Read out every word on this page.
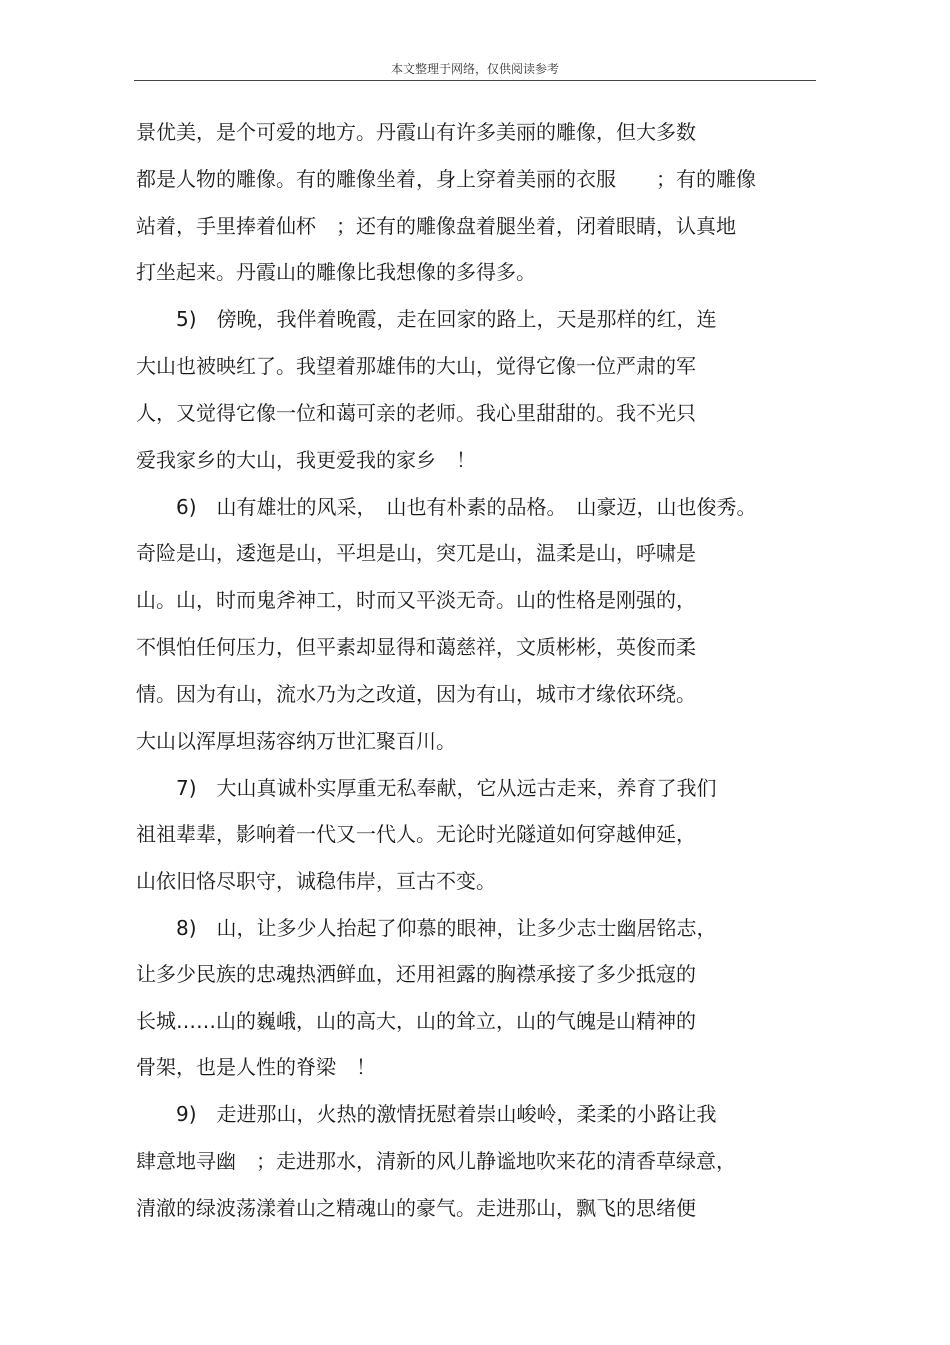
本文整理于网络，仅供阅读参考
景优美，是个可爱的地方。丹霞山有许多美丽的雕像，但大多数
都是人物的雕像。有的雕像坐着，身上穿着美丽的衣服　　；有的雕像
站着，手里捧着仙杯　；还有的雕像盘着腿坐着，闭着眼睛，认真地
打坐起来。丹霞山的雕像比我想像的多得多。
　　5)　傍晚，我伴着晚霞，走在回家的路上，天是那样的红，连
大山也被映红了。我望着那雄伟的大山，觉得它像一位严肃的军
人，又觉得它像一位和蔼可亲的老师。我心里甜甜的。我不光只
爱我家乡的大山，我更爱我的家乡　！
　　6)　山有雄壮的风采，　山也有朴素的品格。　山豪迈，山也俊秀。
奇险是山，逶迤是山，平坦是山，突兀是山，温柔是山，呼啸是
山。山，时而鬼斧神工，时而又平淡无奇。山的性格是刚强的，
不惧怕任何压力，但平素却显得和蔼慈祥，文质彬彬，英俊而柔
情。因为有山，流水乃为之改道，因为有山，城市才缘依环绕。
大山以浑厚坦荡容纳万世汇聚百川。
　　7)　大山真诚朴实厚重无私奉献，它从远古走来，养育了我们
祖祖辈辈，影响着一代又一代人。无论时光隧道如何穿越伸延，
山依旧恪尽职守，诚稳伟岸，亘古不变。
　　8)　山，让多少人抬起了仰慕的眼神，让多少志士幽居铭志，
让多少民族的忠魂热洒鲜血，还用袒露的胸襟承接了多少抵寇的
长城……山的巍峨，山的高大，山的耸立，山的气魄是山精神的
骨架，也是人性的脊梁　！
　　9)　走进那山，火热的激情抚慰着崇山峻岭，柔柔的小路让我
肆意地寻幽　；走进那水，清新的风儿静谧地吹来花的清香草绿意，
清澈的绿波荡漾着山之精魂山的豪气。走进那山，飘飞的思绪便
